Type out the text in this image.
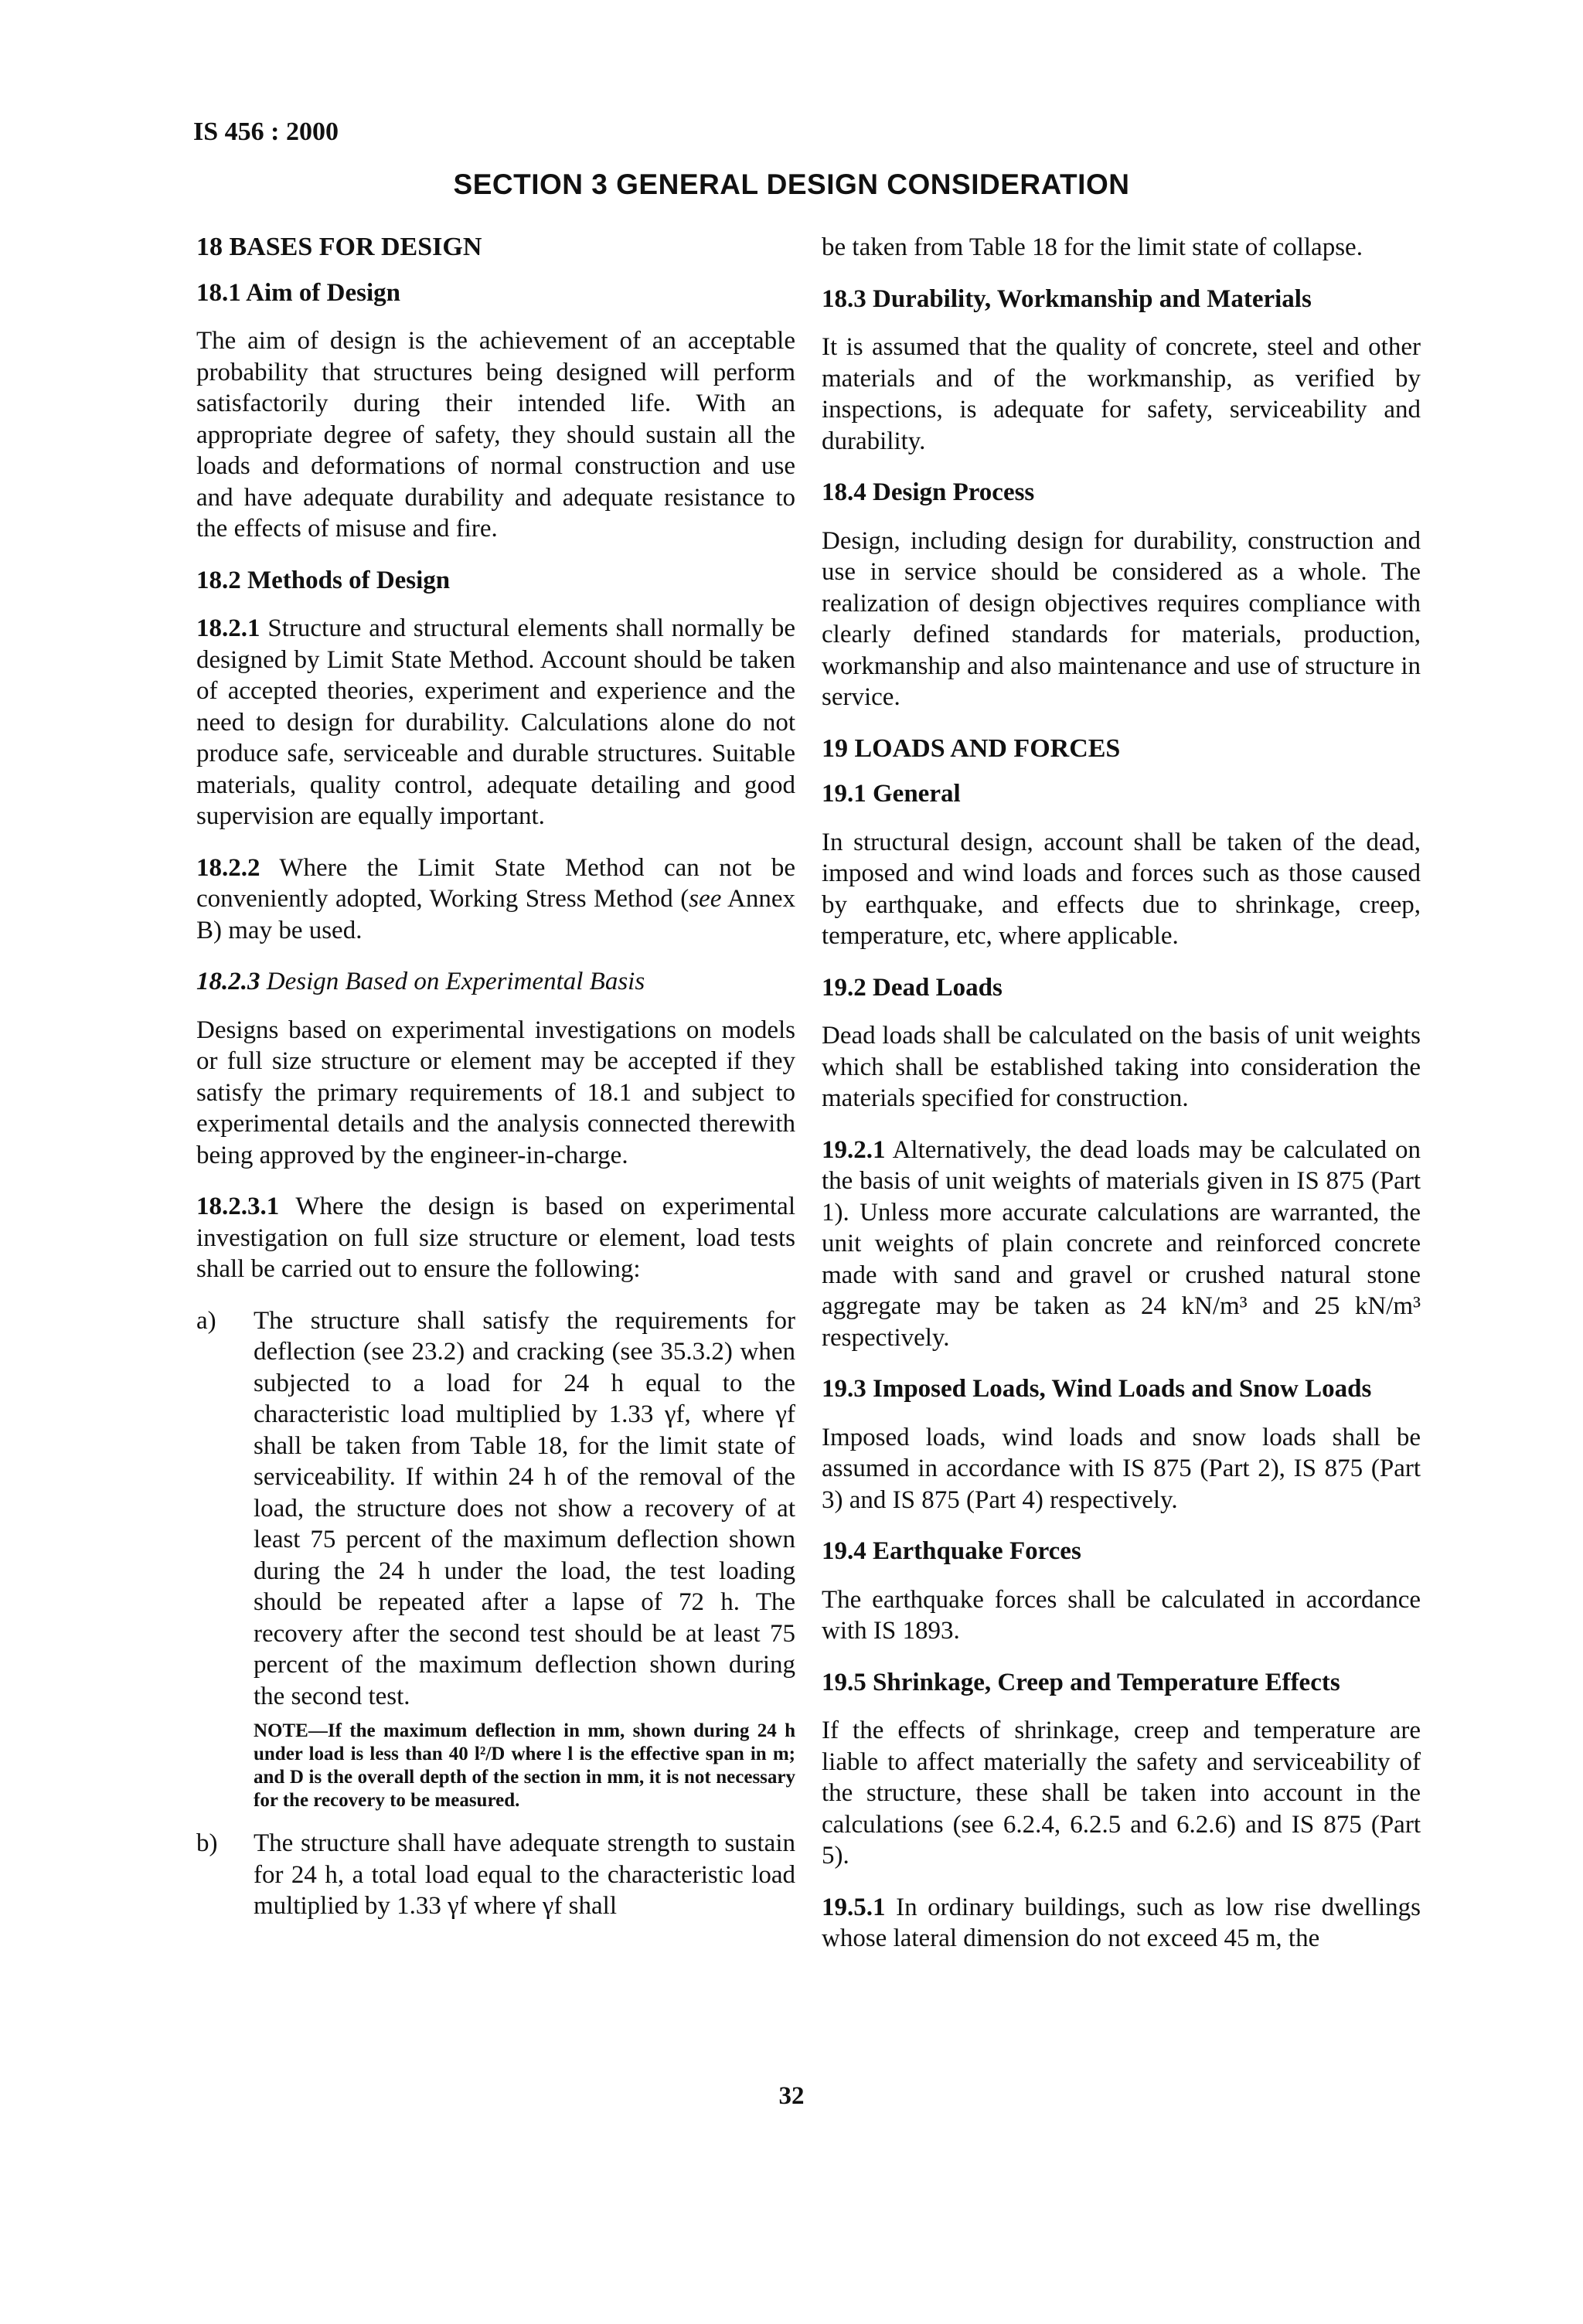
IS 456 : 2000
SECTION 3 GENERAL DESIGN CONSIDERATION
18 BASES FOR DESIGN
18.1 Aim of Design

The aim of design is the achievement of an acceptable probability that structures being designed will perform satisfactorily during their intended life. With an appropriate degree of safety, they should sustain all the loads and deformations of normal construction and use and have adequate durability and adequate resistance to the effects of misuse and fire.

18.2 Methods of Design

18.2.1 Structure and structural elements shall normally be designed by Limit State Method. Account should be taken of accepted theories, experiment and experience and the need to design for durability. Calculations alone do not produce safe, serviceable and durable structures. Suitable materials, quality control, adequate detailing and good supervision are equally important.

18.2.2 Where the Limit State Method can not be conveniently adopted, Working Stress Method (see Annex B) may be used.

18.2.3 Design Based on Experimental Basis

Designs based on experimental investigations on models or full size structure or element may be accepted if they satisfy the primary requirements of 18.1 and subject to experimental details and the analysis connected therewith being approved by the engineer-in-charge.

18.2.3.1 Where the design is based on experimental investigation on full size structure or element, load tests shall be carried out to ensure the following:

a)	The structure shall satisfy the requirements for deflection (see 23.2) and cracking (see 35.3.2) when subjected to a load for 24 h equal to the characteristic load multiplied by 1.33 γf, where γf shall be taken from Table 18, for the limit state of serviceability. If within 24 h of the removal of the load, the structure does not show a recovery of at least 75 percent of the maximum deflection shown during the 24 h under the load, the test loading should be repeated after a lapse of 72 h. The recovery after the second test should be at least 75 percent of the maximum deflection shown during the second test.
NOTE—If the maximum deflection in mm, shown during 24 h under load is less than 40 l²/D where l is the effective span in m; and D is the overall depth of the section in mm, it is not necessary for the recovery to be measured.
b)	The structure shall have adequate strength to sustain for 24 h, a total load equal to the characteristic load multiplied by 1.33 γf where γf shall

be taken from Table 18 for the limit state of collapse.

18.3 Durability, Workmanship and Materials

It is assumed that the quality of concrete, steel and other materials and of the workmanship, as verified by inspections, is adequate for safety, serviceability and durability.

18.4 Design Process

Design, including design for durability, construction and use in service should be considered as a whole. The realization of design objectives requires compliance with clearly defined standards for materials, production, workmanship and also maintenance and use of structure in service.

19 LOADS AND FORCES
19.1 General

In structural design, account shall be taken of the dead, imposed and wind loads and forces such as those caused by earthquake, and effects due to shrinkage, creep, temperature, etc, where applicable.

19.2 Dead Loads

Dead loads shall be calculated on the basis of unit weights which shall be established taking into consideration the materials specified for construction.

19.2.1 Alternatively, the dead loads may be calculated on the basis of unit weights of materials given in IS 875 (Part 1). Unless more accurate calculations are warranted, the unit weights of plain concrete and reinforced concrete made with sand and gravel or crushed natural stone aggregate may be taken as 24 kN/m³ and 25 kN/m³ respectively.

19.3 Imposed Loads, Wind Loads and Snow Loads

Imposed loads, wind loads and snow loads shall be assumed in accordance with IS 875 (Part 2), IS 875 (Part 3) and IS 875 (Part 4) respectively.

19.4 Earthquake Forces

The earthquake forces shall be calculated in accordance with IS 1893.

19.5 Shrinkage, Creep and Temperature Effects

If the effects of shrinkage, creep and temperature are liable to affect materially the safety and serviceability of the structure, these shall be taken into account in the calculations (see 6.2.4, 6.2.5 and 6.2.6) and IS 875 (Part 5).

19.5.1 In ordinary buildings, such as low rise dwellings whose lateral dimension do not exceed 45 m, the

32
